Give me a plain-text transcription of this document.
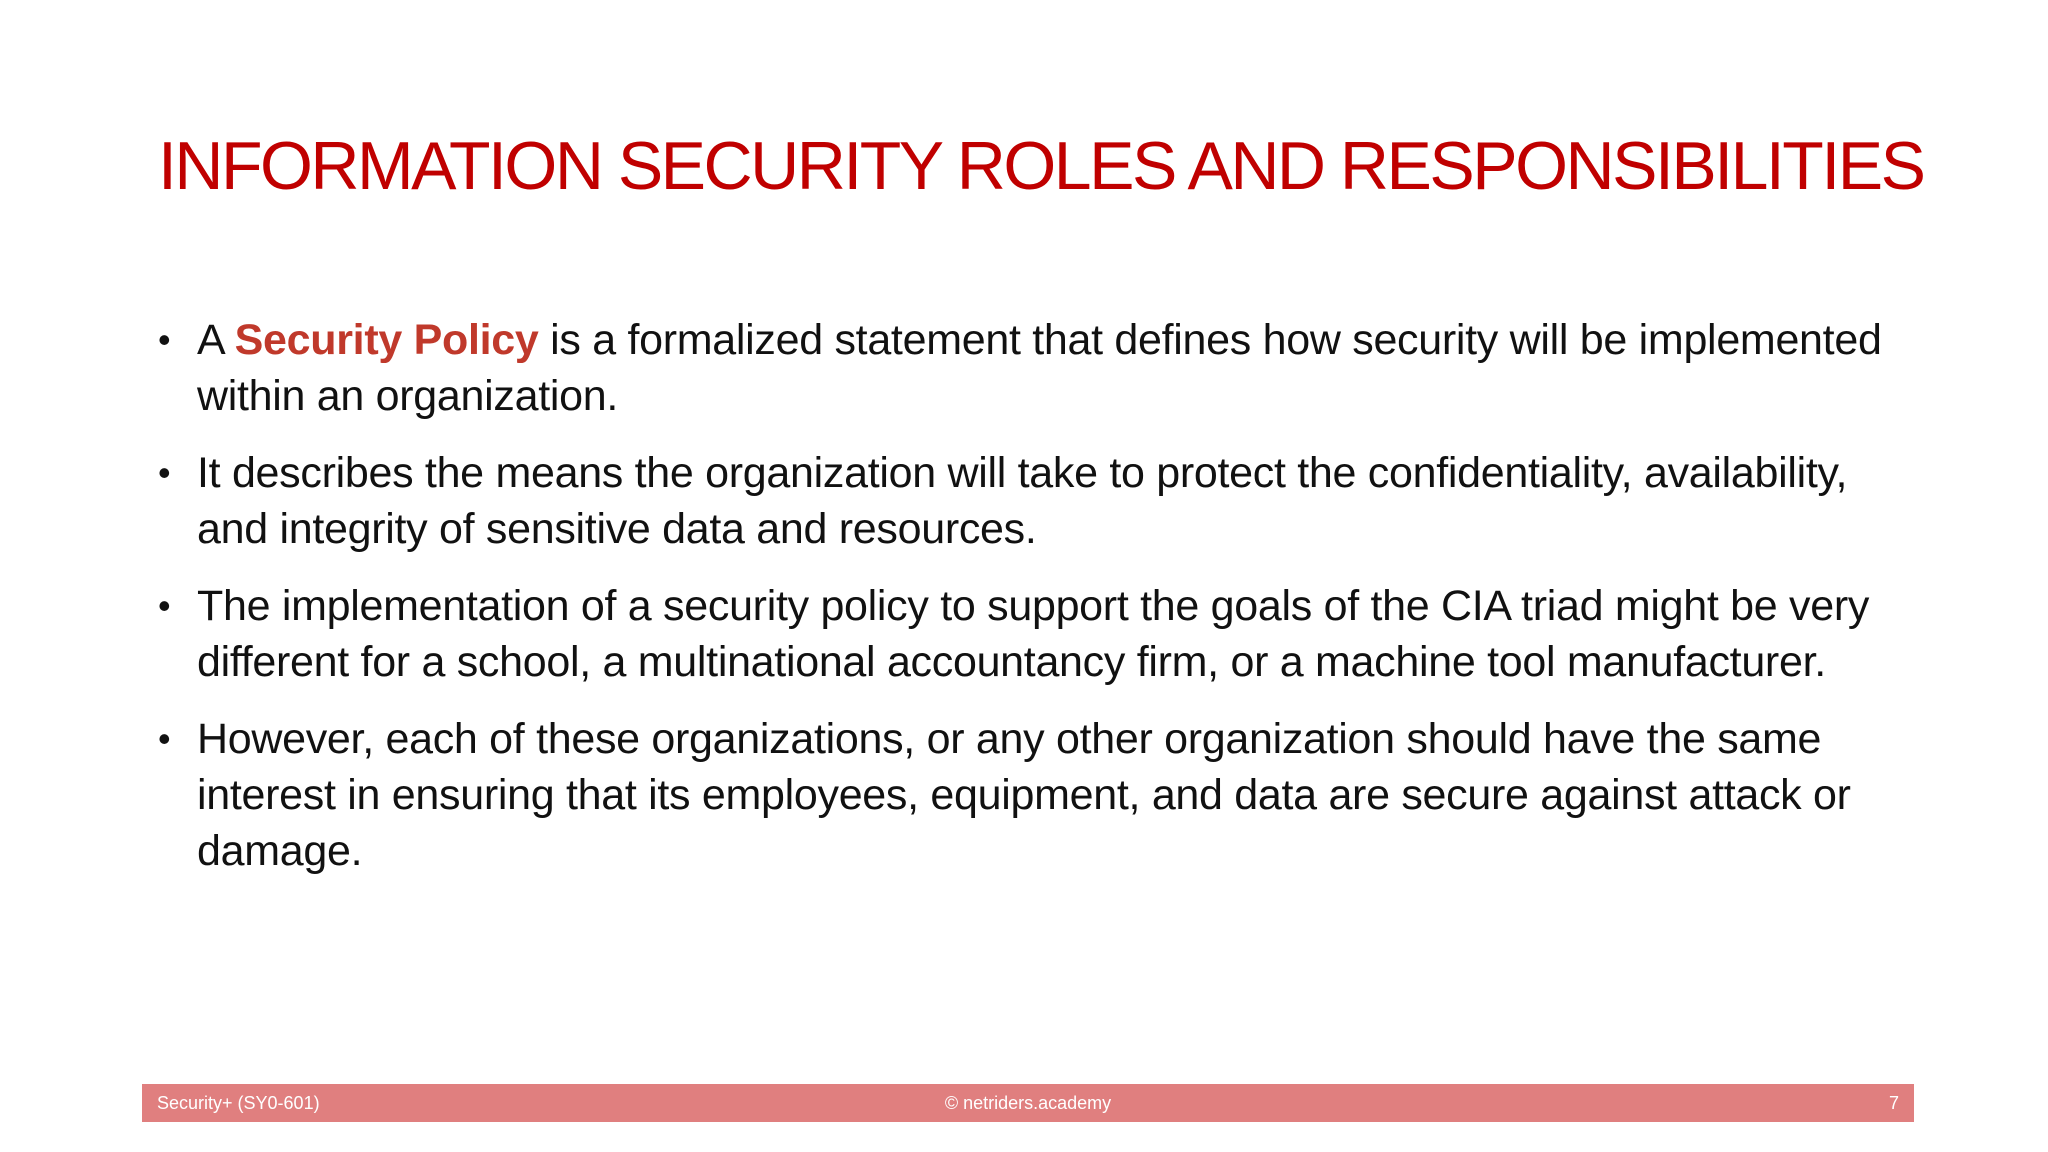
INFORMATION SECURITY ROLES AND RESPONSIBILITIES
• A Security Policy is a formalized statement that defines how security will be implemented within an organization.
• It describes the means the organization will take to protect the confidentiality, availability, and integrity of sensitive data and resources.
• The implementation of a security policy to support the goals of the CIA triad might be very different for a school, a multinational accountancy firm, or a machine tool manufacturer.
• However, each of these organizations, or any other organization should have the same interest in ensuring that its employees, equipment, and data are secure against attack or damage.
Security+ (SY0-601)	© netriders.academy	7
